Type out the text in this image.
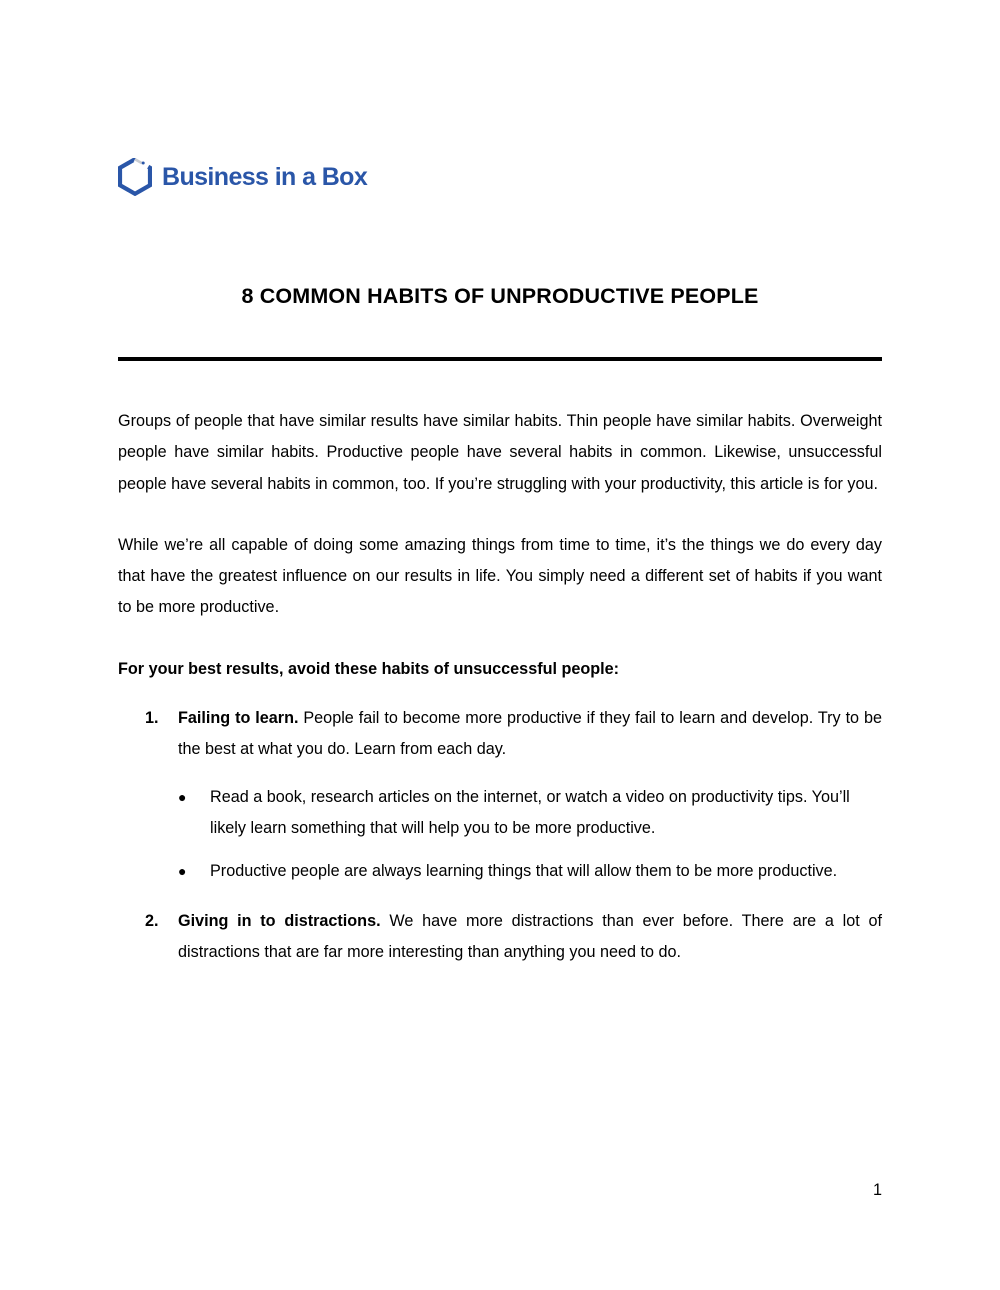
Business in a Box
8 COMMON HABITS OF UNPRODUCTIVE PEOPLE

Groups of people that have similar results have similar habits. Thin people have similar habits. Overweight people have similar habits. Productive people have several habits in common. Likewise, unsuccessful people have several habits in common, too. If you’re struggling with your productivity, this article is for you.

While we’re all capable of doing some amazing things from time to time, it’s the things we do every day that have the greatest influence on our results in life. You simply need a different set of habits if you want to be more productive.

For your best results, avoid these habits of unsuccessful people:

1.	Failing to learn. People fail to become more productive if they fail to learn and develop. Try to be the best at what you do. Learn from each day.
● Read a book, research articles on the internet, or watch a video on productivity tips. You’ll likely learn something that will help you to be more productive.
● Productive people are always learning things that will allow them to be more productive.
2.	Giving in to distractions. We have more distractions than ever before. There are a lot of distractions that are far more interesting than anything you need to do.
1
